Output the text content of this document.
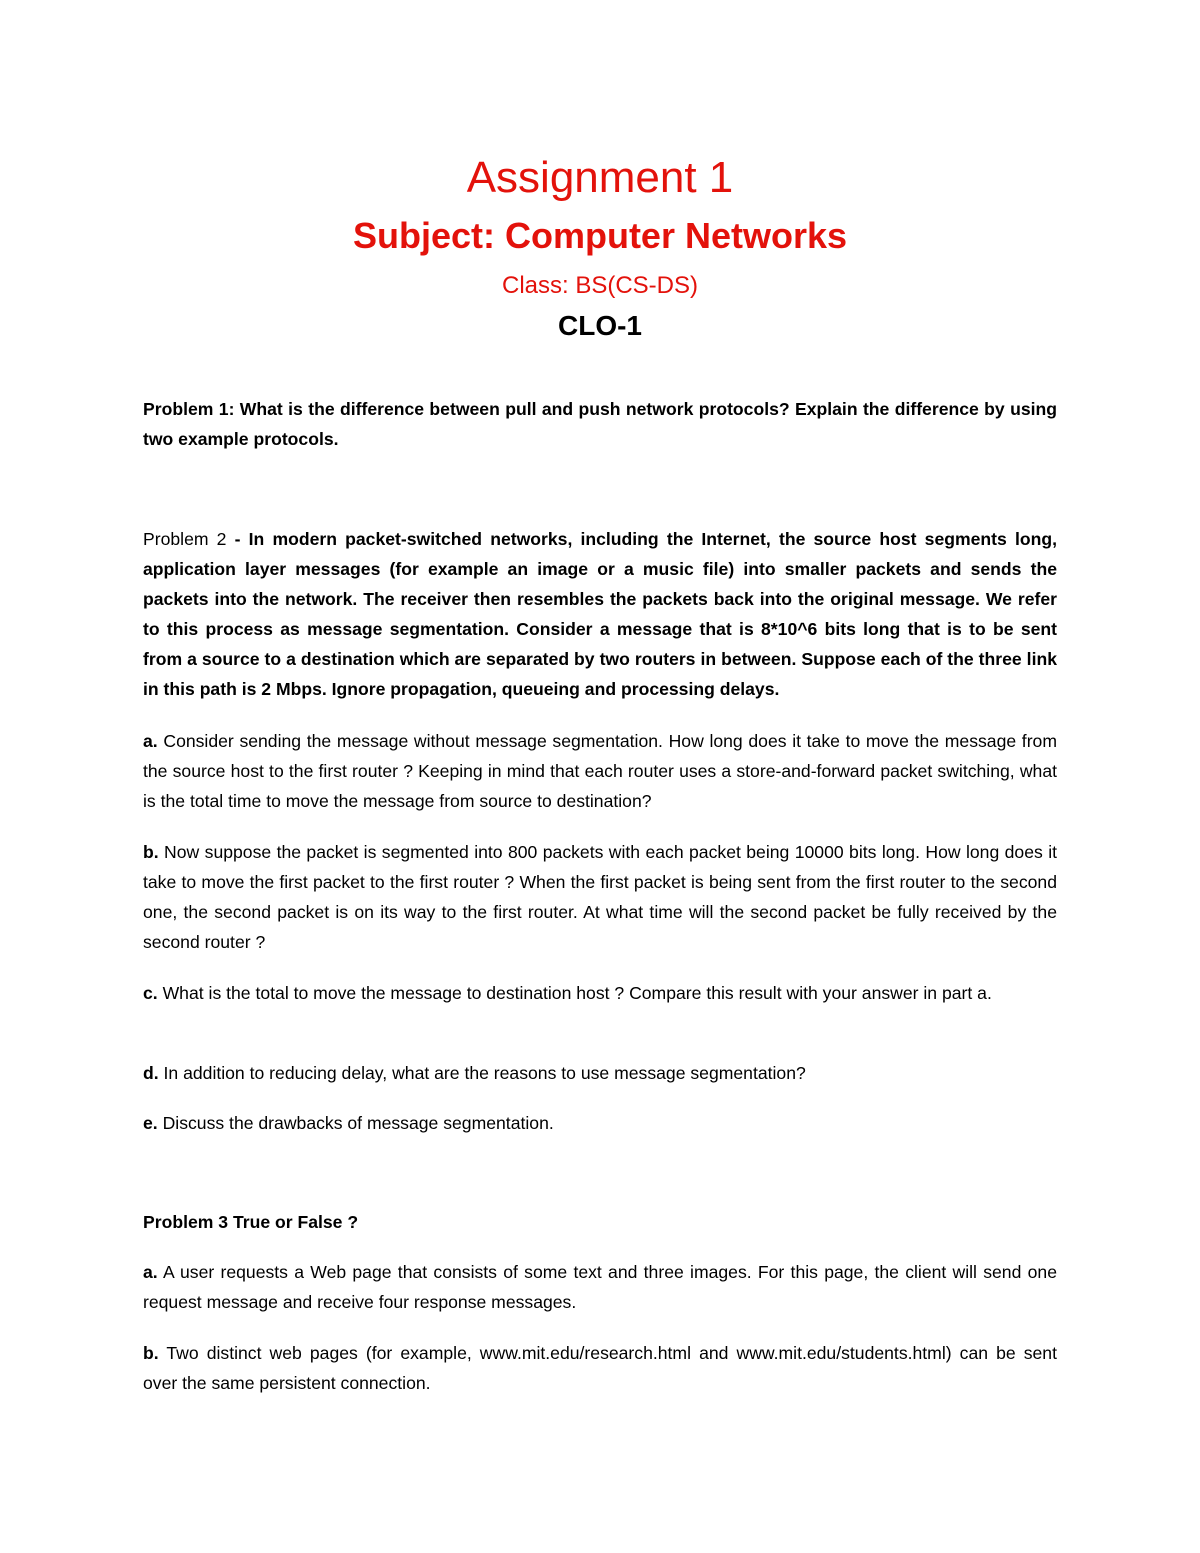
Assignment 1
Subject: Computer Networks
Class: BS(CS-DS)
CLO-1

Problem 1: What is the difference between pull and push network protocols? Explain the difference by using two example protocols.

Problem 2 - In modern packet-switched networks, including the Internet, the source host segments long, application layer messages (for example an image or a music file) into smaller packets and sends the packets into the network. The receiver then resembles the packets back into the original message. We refer to this process as message segmentation. Consider a message that is 8*10^6 bits long that is to be sent from a source to a destination which are separated by two routers in between. Suppose each of the three link in this path is 2 Mbps. Ignore propagation, queueing and processing delays.

a. Consider sending the message without message segmentation. How long does it take to move the message from the source host to the first router ? Keeping in mind that each router uses a store-and-forward packet switching, what is the total time to move the message from source to destination?

b. Now suppose the packet is segmented into 800 packets with each packet being 10000 bits long. How long does it take to move the first packet to the first router ? When the first packet is being sent from the first router to the second one, the second packet is on its way to the first router. At what time will the second packet be fully received by the second router ?

c. What is the total to move the message to destination host ? Compare this result with your answer in part a.

d. In addition to reducing delay, what are the reasons to use message segmentation?

e. Discuss the drawbacks of message segmentation.

Problem 3 True or False ?

a. A user requests a Web page that consists of some text and three images. For this page, the client will send one request message and receive four response messages.

b. Two distinct web pages (for example, www.mit.edu/research.html and www.mit.edu/students.html) can be sent over the same persistent connection.
